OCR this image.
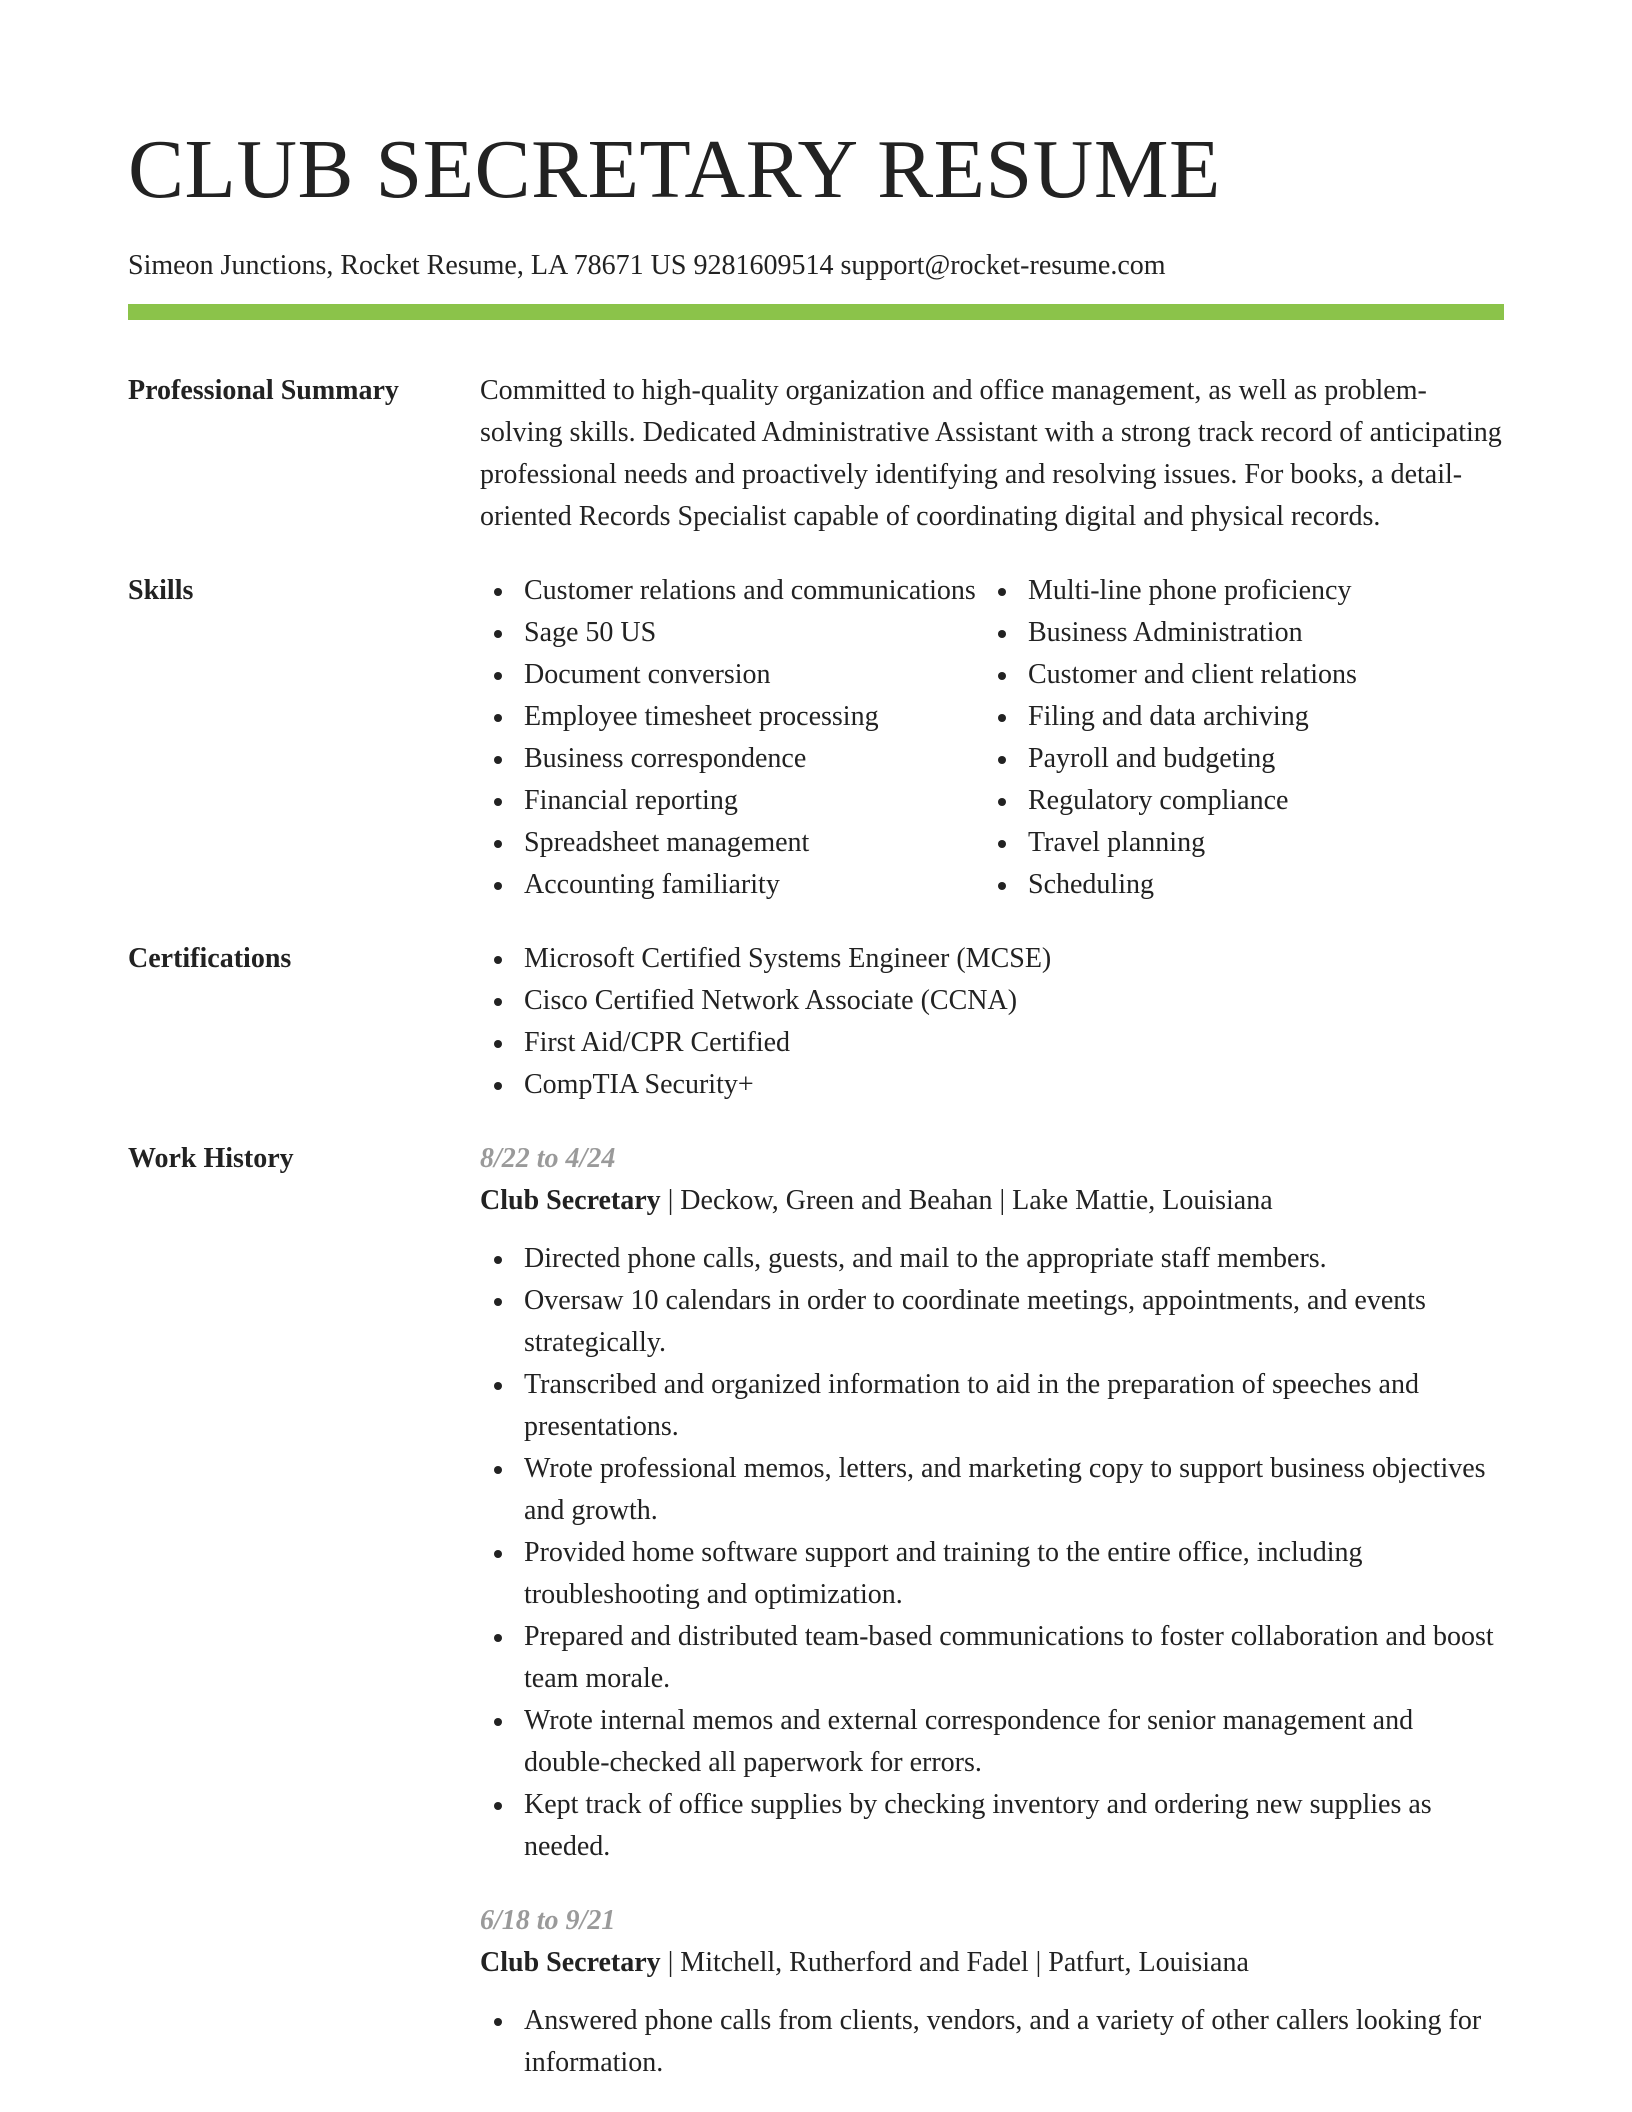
CLUB SECRETARY RESUME
Simeon Junctions, Rocket Resume, LA 78671 US 9281609514 support@rocket-resume.com
Professional Summary	Committed to high-quality organization and office management, as well as problem-solving skills. Dedicated Administrative Assistant with a strong track record of anticipating professional needs and proactively identifying and resolving issues. For books, a detail-oriented Records Specialist capable of coordinating digital and physical records.
Skills	Customer relations and communications
Sage 50 US
Document conversion
Employee timesheet processing
Business correspondence
Financial reporting
Spreadsheet management
Accounting familiarity
Multi-line phone proficiency
Business Administration
Customer and client relations
Filing and data archiving
Payroll and budgeting
Regulatory compliance
Travel planning
Scheduling
Certifications	Microsoft Certified Systems Engineer (MCSE)
Cisco Certified Network Associate (CCNA)
First Aid/CPR Certified
CompTIA Security+
Work History	8/22 to 4/24
Club Secretary | Deckow, Green and Beahan | Lake Mattie, Louisiana
Directed phone calls, guests, and mail to the appropriate staff members.
Oversaw 10 calendars in order to coordinate meetings, appointments, and events strategically.
Transcribed and organized information to aid in the preparation of speeches and presentations.
Wrote professional memos, letters, and marketing copy to support business objectives and growth.
Provided home software support and training to the entire office, including troubleshooting and optimization.
Prepared and distributed team-based communications to foster collaboration and boost team morale.
Wrote internal memos and external correspondence for senior management and double-checked all paperwork for errors.
Kept track of office supplies by checking inventory and ordering new supplies as needed.
6/18 to 9/21
Club Secretary | Mitchell, Rutherford and Fadel | Patfurt, Louisiana
Answered phone calls from clients, vendors, and a variety of other callers looking for information.
